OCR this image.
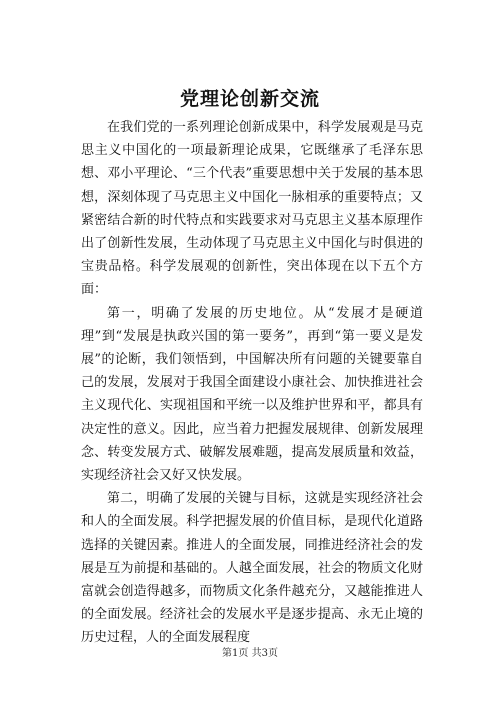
党理论创新交流

在我们党的一系列理论创新成果中，科学发展观是马克思主义中国化的一项最新理论成果，它既继承了毛泽东思想、邓小平理论、“三个代表”重要思想中关于发展的基本思想，深刻体现了马克思主义中国化一脉相承的重要特点；又紧密结合新的时代特点和实践要求对马克思主义基本原理作出了创新性发展，生动体现了马克思主义中国化与时俱进的宝贵品格。科学发展观的创新性，突出体现在以下五个方面：

第一，明确了发展的历史地位。从“发展才是硬道理”到“发展是执政兴国的第一要务”，再到“第一要义是发展”的论断，我们领悟到，中国解决所有问题的关键要靠自己的发展，发展对于我国全面建设小康社会、加快推进社会主义现代化、实现祖国和平统一以及维护世界和平，都具有决定性的意义。因此，应当着力把握发展规律、创新发展理念、转变发展方式、破解发展难题，提高发展质量和效益，实现经济社会又好又快发展。

第二，明确了发展的关键与目标，这就是实现经济社会和人的全面发展。科学把握发展的价值目标，是现代化道路选择的关键因素。推进人的全面发展，同推进经济社会的发展是互为前提和基础的。人越全面发展，社会的物质文化财富就会创造得越多，而物质文化条件越充分，又越能推进人的全面发展。经济社会的发展水平是逐步提高、永无止境的历史过程，人的全面发展程度

第1页 共3页
